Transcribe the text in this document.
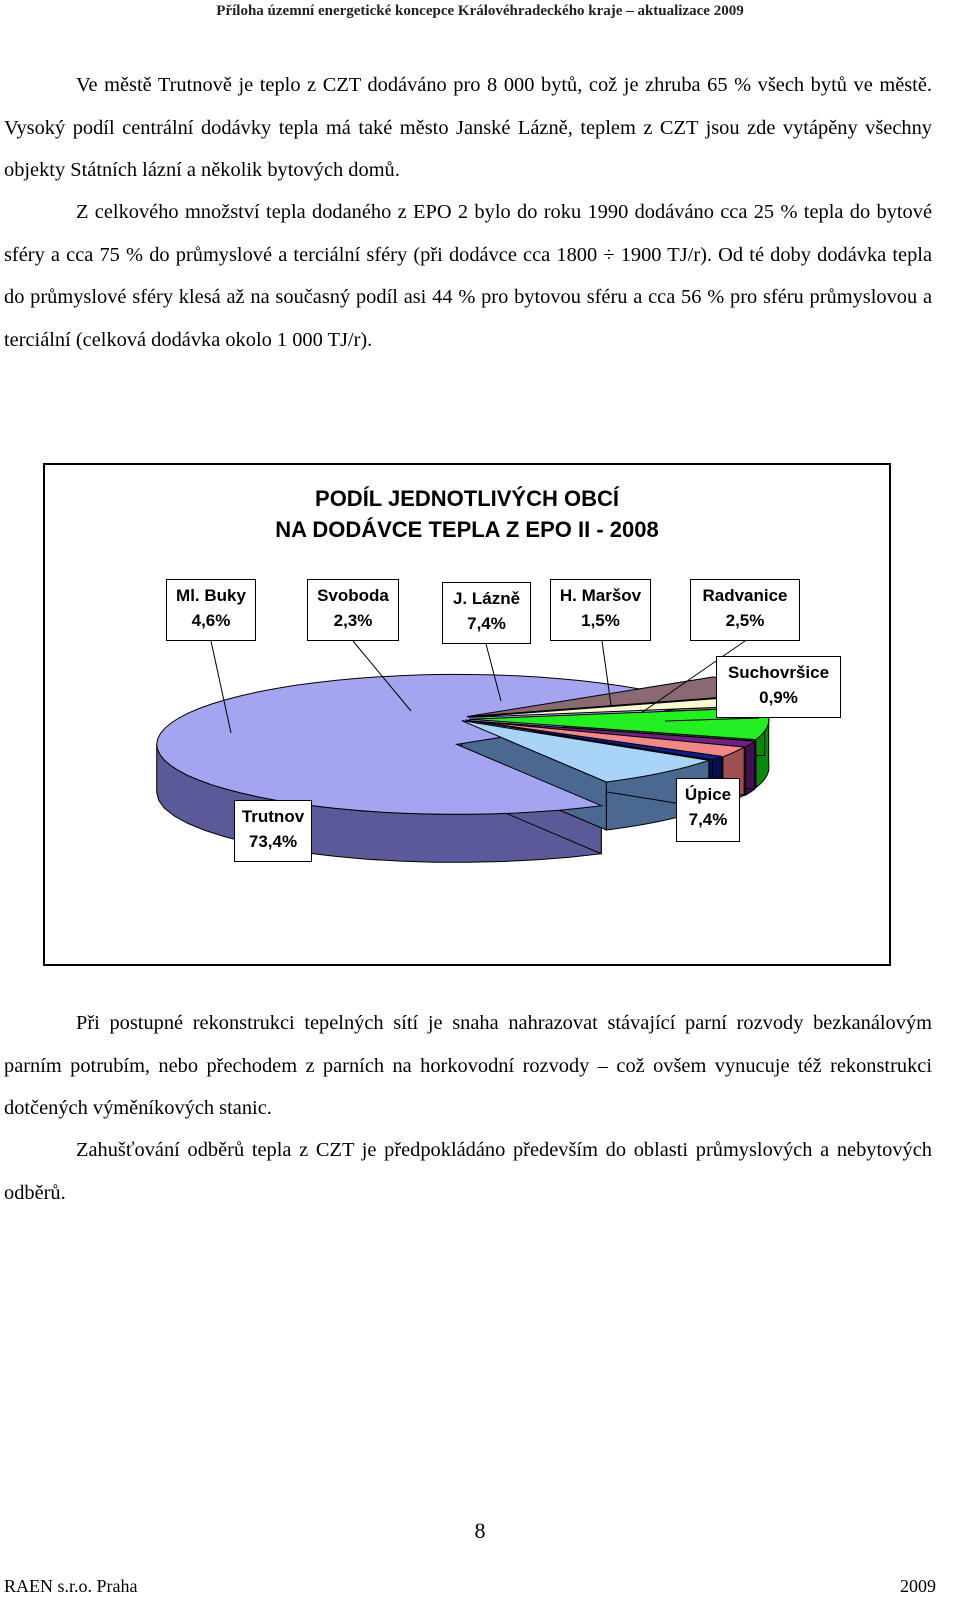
Příloha územní energetické koncepce Královéhradeckého kraje – aktualizace 2009

Ve městě Trutnově je teplo z CZT dodáváno pro 8 000 bytů, což je zhruba 65 % všech bytů ve městě. Vysoký podíl centrální dodávky tepla má také město Janské Lázně, teplem z CZT jsou zde vytápěny všechny objekty Státních lázní a několik bytových domů.

Z celkového množství tepla dodaného z EPO 2 bylo do roku 1990 dodáváno cca 25 % tepla do bytové sféry a cca 75 % do průmyslové a terciální sféry (při dodávce cca 1800 ÷ 1900 TJ/r). Od té doby dodávka tepla do průmyslové sféry klesá až na současný podíl asi 44 % pro bytovou sféru a cca 56 % pro sféru průmyslovou a terciální (celková dodávka okolo 1 000 TJ/r).

PODÍL JEDNOTLIVÝCH OBCÍ
NA DODÁVCE TEPLA Z EPO II - 2008
Ml. Buky
4,6%
Svoboda
2,3%
J. Lázně
7,4%
H. Maršov
1,5%
Radvanice
2,5%
Suchovršice
0,9%
Úpice
7,4%
Trutnov
73,4%

Při postupné rekonstrukci tepelných sítí je snaha nahrazovat stávající parní rozvody bezkanálovým parním potrubím, nebo přechodem z parních na horkovodní rozvody – což ovšem vynucuje též rekonstrukci dotčených výměníkových stanic.

Zahušťování odběrů tepla z CZT je předpokládáno především do oblasti průmyslových a nebytových odběrů.

8
RAEN s.r.o. Praha	2009
